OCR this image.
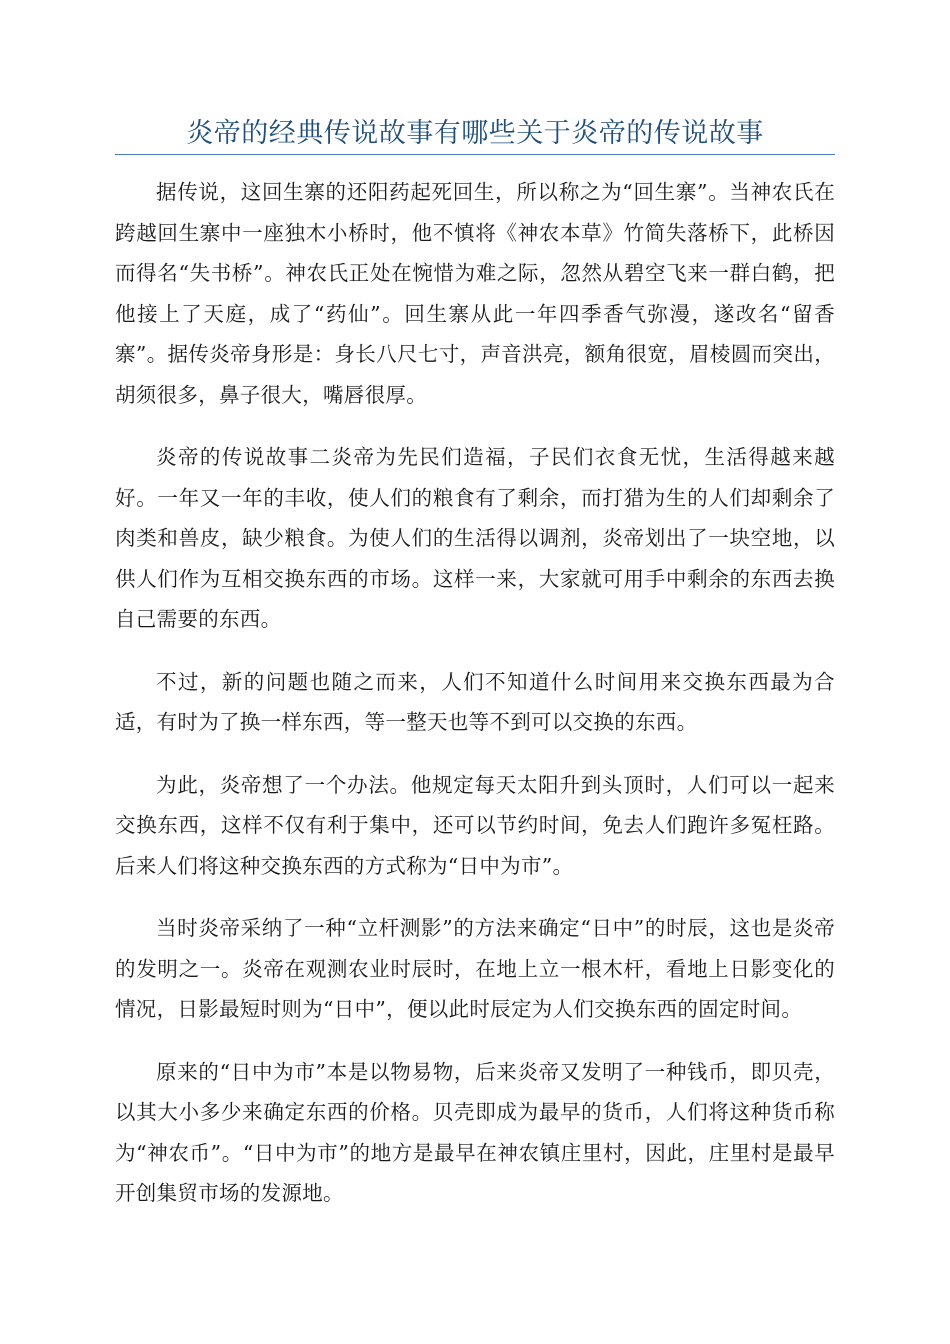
炎帝的经典传说故事有哪些关于炎帝的传说故事

据传说，这回生寨的还阳药起死回生，所以称之为“回生寨”。当神农氏在跨越回生寨中一座独木小桥时，他不慎将《神农本草》竹简失落桥下，此桥因而得名“失书桥”。神农氏正处在惋惜为难之际，忽然从碧空飞来一群白鹤，把他接上了天庭，成了“药仙”。回生寨从此一年四季香气弥漫，遂改名“留香寨”。据传炎帝身形是：身长八尺七寸，声音洪亮，额角很宽，眉棱圆而突出，胡须很多，鼻子很大，嘴唇很厚。

炎帝的传说故事二炎帝为先民们造福，子民们衣食无忧，生活得越来越好。一年又一年的丰收，使人们的粮食有了剩余，而打猎为生的人们却剩余了肉类和兽皮，缺少粮食。为使人们的生活得以调剂，炎帝划出了一块空地，以供人们作为互相交换东西的市场。这样一来，大家就可用手中剩余的东西去换自己需要的东西。

不过，新的问题也随之而来，人们不知道什么时间用来交换东西最为合适，有时为了换一样东西，等一整天也等不到可以交换的东西。

为此，炎帝想了一个办法。他规定每天太阳升到头顶时，人们可以一起来交换东西，这样不仅有利于集中，还可以节约时间，免去人们跑许多冤枉路。后来人们将这种交换东西的方式称为“日中为市”。

当时炎帝采纳了一种“立杆测影”的方法来确定“日中”的时辰，这也是炎帝的发明之一。炎帝在观测农业时辰时，在地上立一根木杆，看地上日影变化的情况，日影最短时则为“日中”，便以此时辰定为人们交换东西的固定时间。

原来的“日中为市”本是以物易物，后来炎帝又发明了一种钱币，即贝壳，以其大小多少来确定东西的价格。贝壳即成为最早的货币，人们将这种货币称为“神农币”。“日中为市”的地方是最早在神农镇庄里村，因此，庄里村是最早开创集贸市场的发源地。
